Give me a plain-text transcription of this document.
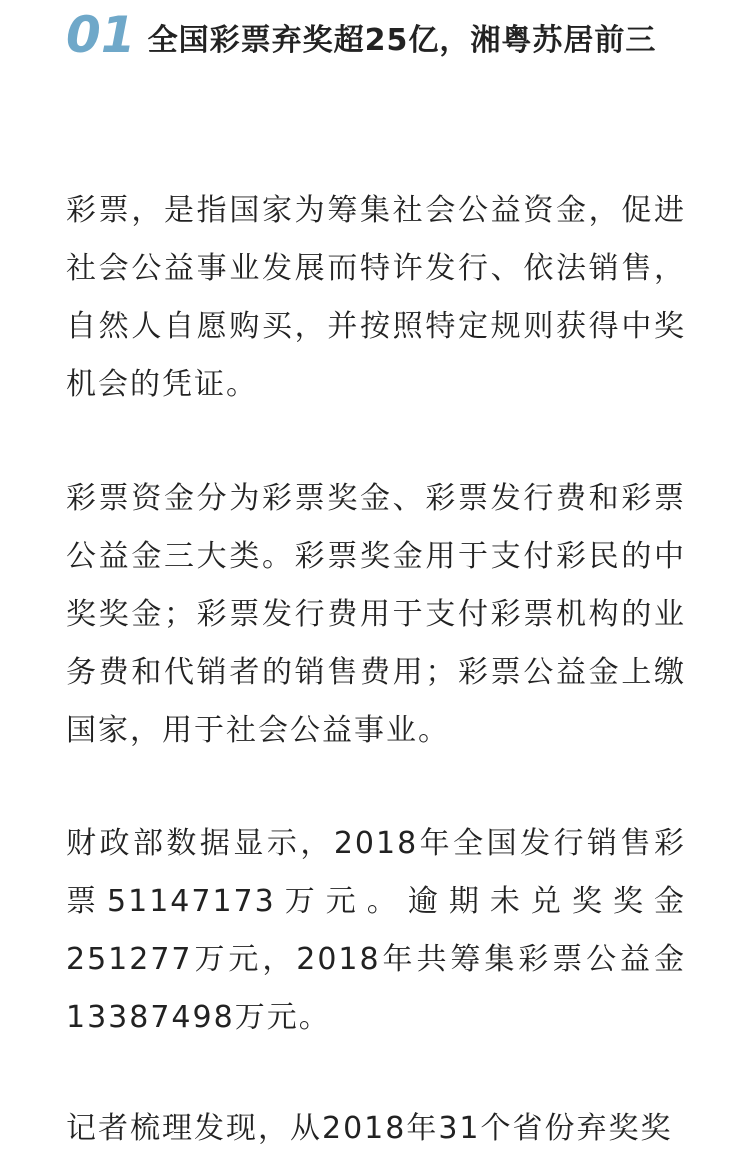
01 全国彩票弃奖超25亿，湘粤苏居前三

彩票，是指国家为筹集社会公益资金，促进社会公益事业发展而特许发行、依法销售，自然人自愿购买，并按照特定规则获得中奖机会的凭证。

彩票资金分为彩票奖金、彩票发行费和彩票公益金三大类。彩票奖金用于支付彩民的中奖奖金；彩票发行费用于支付彩票机构的业务费和代销者的销售费用；彩票公益金上缴国家，用于社会公益事业。

财政部数据显示，2018年全国发行销售彩票51147173万元。逾期未兑奖奖金251277万元，2018年共筹集彩票公益金13387498万元。

记者梳理发现，从2018年31个省份弃奖奖
